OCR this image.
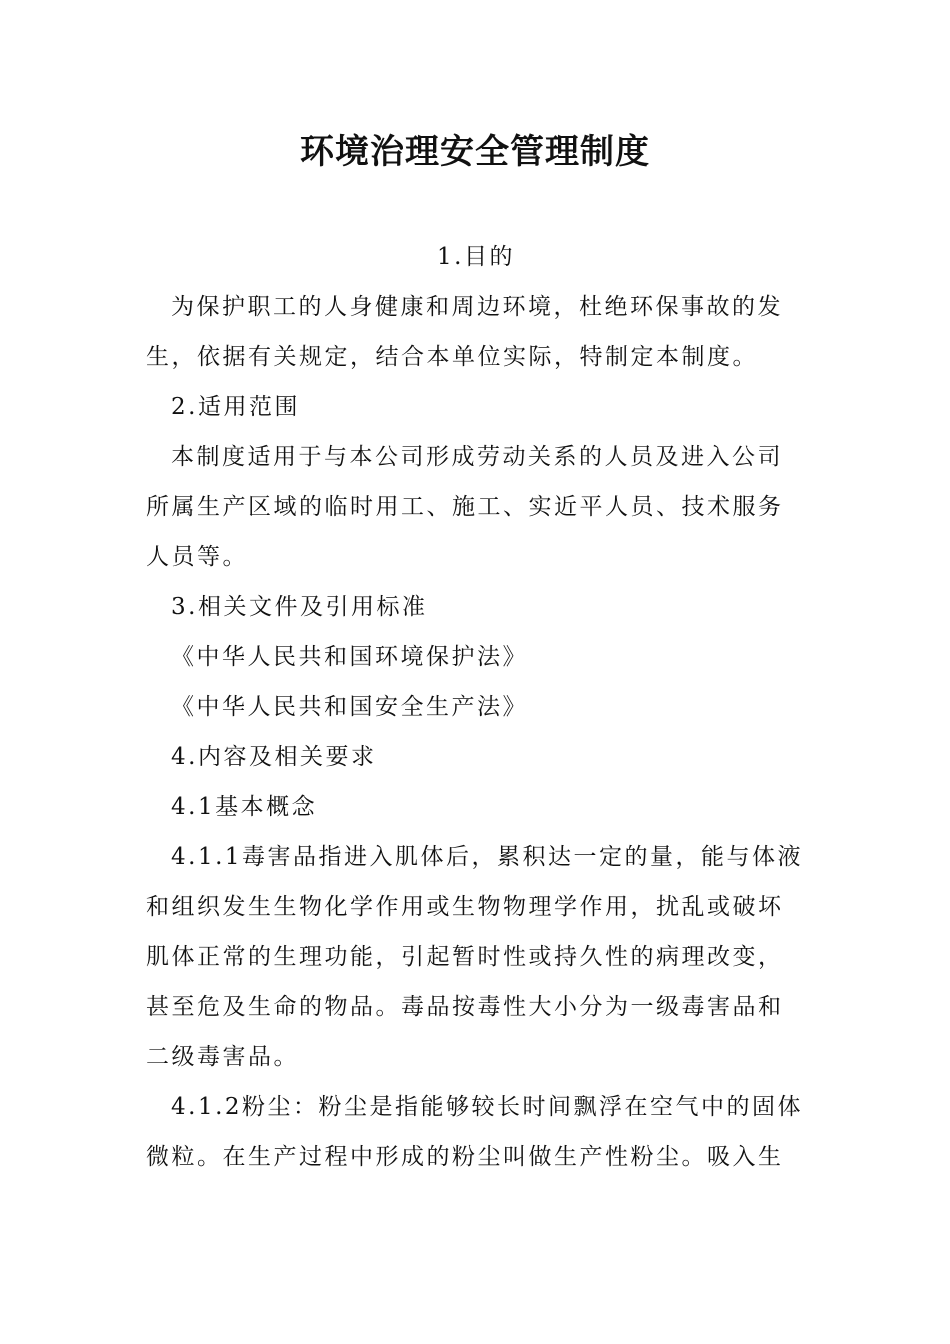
环境治理安全管理制度

1.目的

为保护职工的人身健康和周边环境，杜绝环保事故的发生，依据有关规定，结合本单位实际，特制定本制度。

2.适用范围

本制度适用于与本公司形成劳动关系的人员及进入公司所属生产区域的临时用工、施工、实近平人员、技术服务人员等。

3.相关文件及引用标准

《中华人民共和国环境保护法》

《中华人民共和国安全生产法》

4.内容及相关要求

4.1基本概念

4.1.1毒害品指进入肌体后，累积达一定的量，能与体液和组织发生生物化学作用或生物物理学作用，扰乱或破坏肌体正常的生理功能，引起暂时性或持久性的病理改变，甚至危及生命的物品。毒品按毒性大小分为一级毒害品和二级毒害品。

4.1.2粉尘：粉尘是指能够较长时间飘浮在空气中的固体微粒。在生产过程中形成的粉尘叫做生产性粉尘。吸入生
